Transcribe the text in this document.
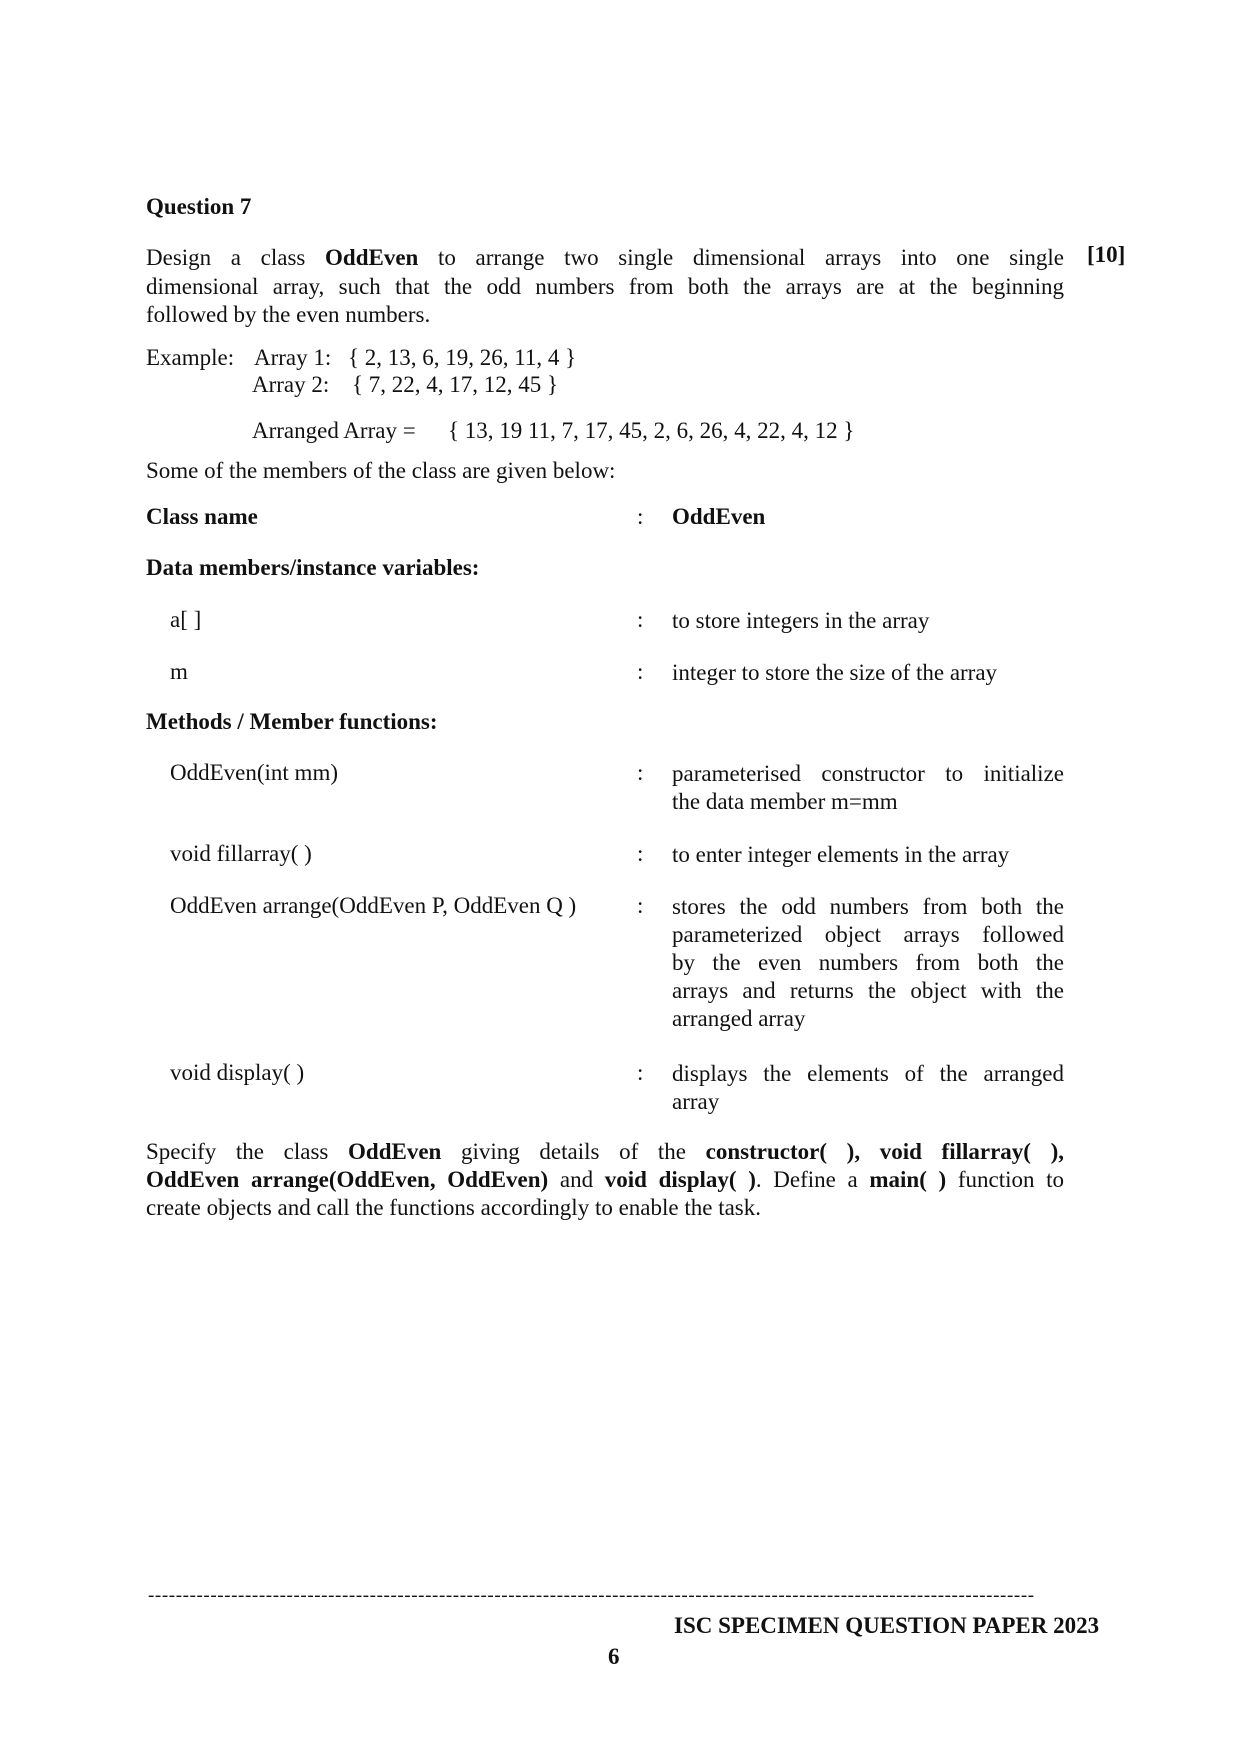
Question 7
[10]
Design a class OddEven to arrange two single dimensional arrays into one single
dimensional array, such that the odd numbers from both the arrays are at the beginning
followed by the even numbers.
Example: Array 1: { 2, 13, 6, 19, 26, 11, 4 }
Array 2: { 7, 22, 4, 17, 12, 45 }
Arranged Array = { 13, 19 11, 7, 17, 45, 2, 6, 26, 4, 22, 4, 12 }
Some of the members of the class are given below:
Class name	: OddEven
Data members/instance variables:
a[ ]	: to store integers in the array
m	: integer to store the size of the array
Methods / Member functions:
OddEven(int mm)	: parameterised constructor to initialize
the data member m=mm
void fillarray( )	: to enter integer elements in the array
OddEven arrange(OddEven P, OddEven Q )	: stores the odd numbers from both the
parameterized object arrays followed
by the even numbers from both the
arrays and returns the object with the
arranged array
void display( )	: displays the elements of the arranged
array
Specify the class OddEven giving details of the constructor( ), void fillarray( ),
OddEven arrange(OddEven, OddEven) and void display( ). Define a main( ) function to
create objects and call the functions accordingly to enable the task.
--------------------------------------------------------------------------------------------------------------------------------
ISC SPECIMEN QUESTION PAPER 2023
6
